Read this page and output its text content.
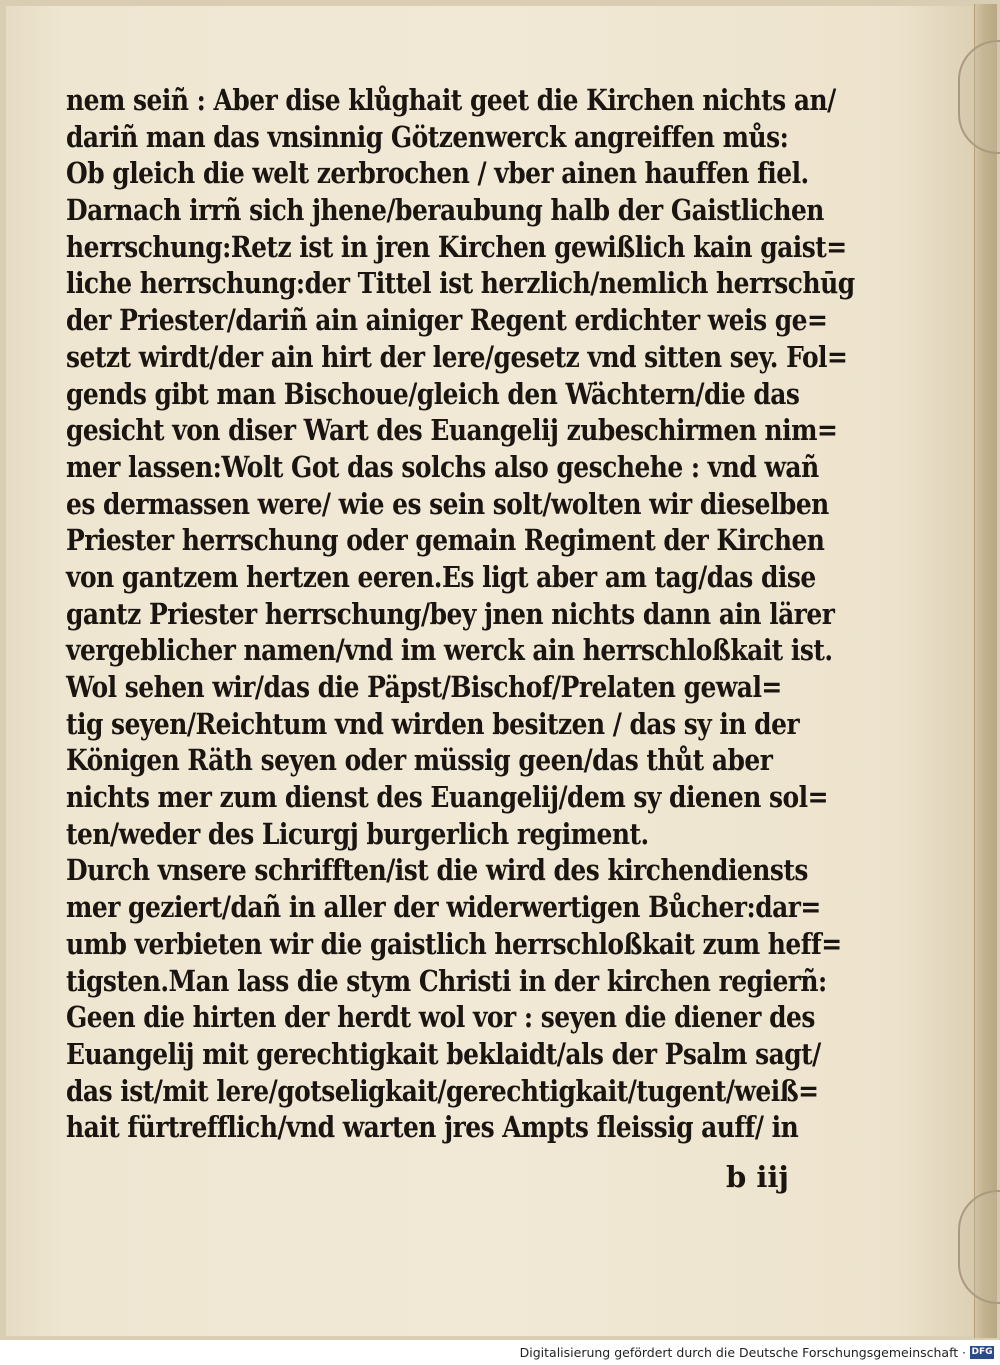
nem seiñ : Aber dise klůghait geet die Kirchen nichts an/
dariñ man das vnsinnig Götzenwerck angreiffen můs:
Ob gleich die welt zerbrochen / vber ainen hauffen fiel.
Darnach irrñ sich jhene/beraubung halb der Gaistlichen
herrschung:Retz ist in jren Kirchen gewißlich kain gaist=
liche herrschung:der Tittel ist herzlich/nemlich herrschūg
der Priester/dariñ ain ainiger Regent erdichter weis ge=
setzt wirdt/der ain hirt der lere/gesetz vnd sitten sey. Fol=
gends gibt man Bischoue/gleich den Wächtern/die das
gesicht von diser Wart des Euangelij zubeschirmen nim=
mer lassen:Wolt Got das solchs also geschehe : vnd wañ
es dermassen were/ wie es sein solt/wolten wir dieselben
Priester herrschung oder gemain Regiment der Kirchen
von gantzem hertzen eeren.Es ligt aber am tag/das dise
gantz Priester herrschung/bey jnen nichts dann ain lärer
vergeblicher namen/vnd im werck ain herrschloßkait ist.
Wol sehen wir/das die Päpst/Bischof/Prelaten gewal=
tig seyen/Reichtum vnd wirden besitzen / das sy in der
Königen Räth seyen oder müssig geen/das thůt aber
nichts mer zum dienst des Euangelij/dem sy dienen sol=
ten/weder des Licurgj burgerlich regiment.
Durch vnsere schrifften/ist die wird des kirchendiensts
mer geziert/dañ in aller der widerwertigen Bůcher:dar=
umb verbieten wir die gaistlich herrschloßkait zum heff=
tigsten.Man lass die stym Christi in der kirchen regierñ:
Geen die hirten der herdt wol vor : seyen die diener des
Euangelij mit gerechtigkait beklaidt/als der Psalm sagt/
das ist/mit lere/gotseligkait/gerechtigkait/tugent/weiß=
hait fürtrefflich/vnd warten jres Ampts fleissig auff/ in
b iij
Digitalisierung gefördert durch die Deutsche Forschungsgemeinschaft · DFG
